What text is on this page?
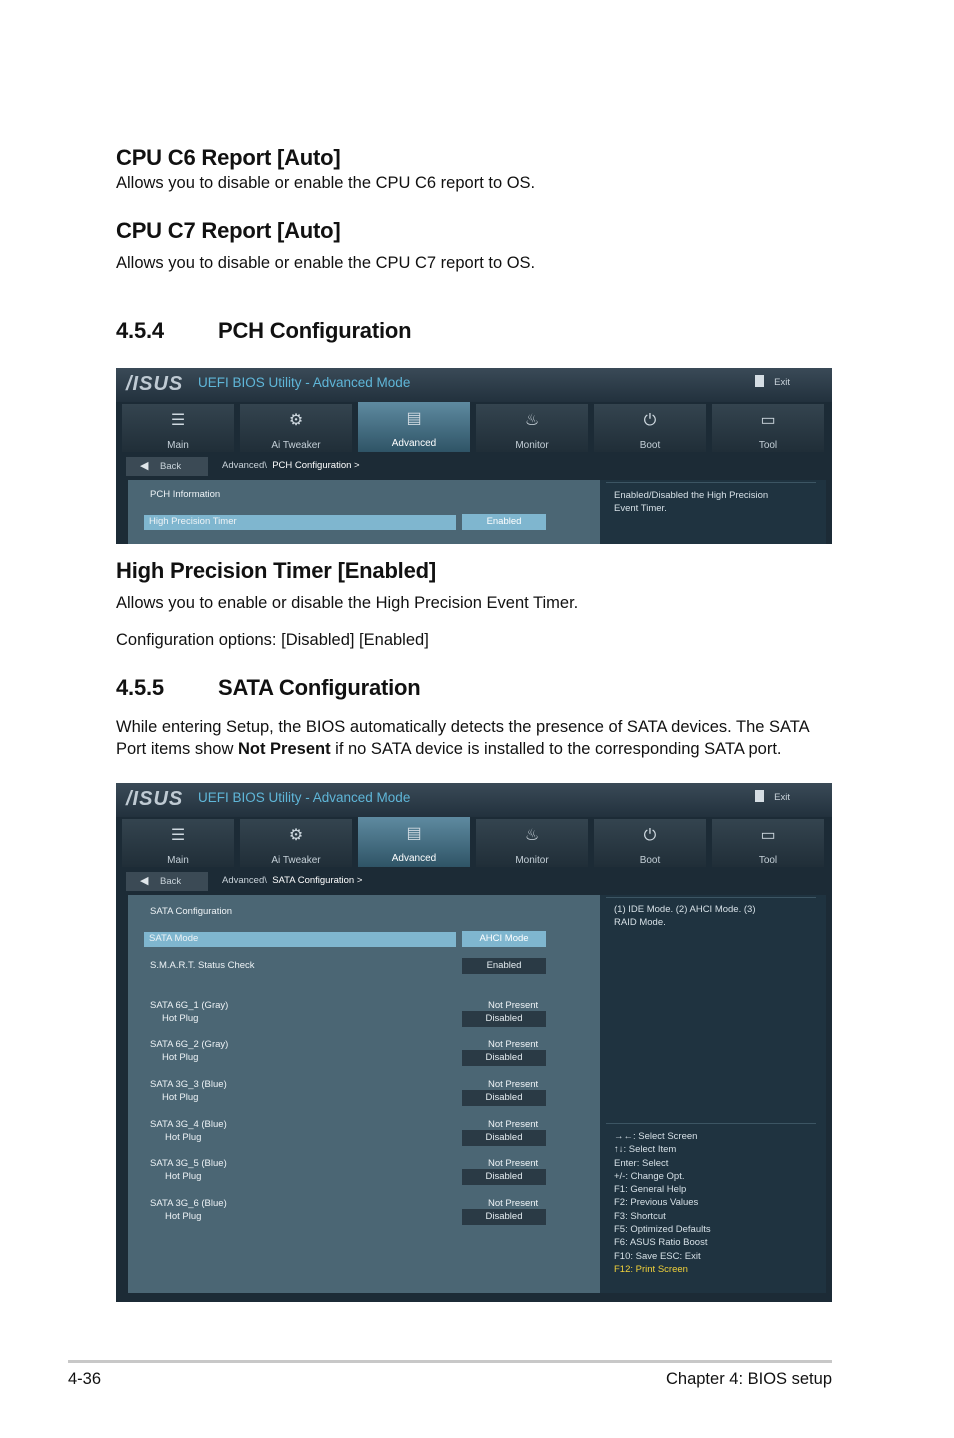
CPU C6 Report [Auto]
Allows you to disable or enable the CPU C6 report to OS.
CPU C7 Report [Auto]
Allows you to disable or enable the CPU C7 report to OS.
4.5.4 PCH Configuration
/ISUS UEFI BIOS Utility - Advanced Mode	Exit
☰
Main
⚙
Ai Tweaker
▤
Advanced
♨
Monitor
⏻
Boot
▭
Tool
◀ Back	Advanced\ PCH Configuration >
PCH Information
High Precision Timer	Enabled
Enabled/Disabled the High Precision
Event Timer.
High Precision Timer [Enabled]
Allows you to enable or disable the High Precision Event Timer.
Configuration options: [Disabled] [Enabled]
4.5.5 SATA Configuration
While entering Setup, the BIOS automatically detects the presence of SATA devices. The SATA
Port items show Not Present if no SATA device is installed to the corresponding SATA port.
/ISUS UEFI BIOS Utility - Advanced Mode	Exit
☰
Main
⚙
Ai Tweaker
▤
Advanced
♨
Monitor
⏻
Boot
▭
Tool
◀ Back	Advanced\ SATA Configuration >
SATA Configuration
SATA Mode	AHCI Mode
S.M.A.R.T. Status Check	Enabled
SATA 6G_1 (Gray)	Not Present
Hot Plug	Disabled
SATA 6G_2 (Gray)	Not Present
Hot Plug	Disabled
SATA 3G_3 (Blue)	Not Present
Hot Plug	Disabled
SATA 3G_4 (Blue)	Not Present
Hot Plug	Disabled
SATA 3G_5 (Blue)	Not Present
Hot Plug	Disabled
SATA 3G_6 (Blue)	Not Present
Hot Plug	Disabled
(1) IDE Mode. (2) AHCI Mode. (3)
RAID Mode.
→←: Select Screen
↑↓: Select Item
Enter: Select
+/-: Change Opt.
F1: General Help
F2: Previous Values
F3: Shortcut
F5: Optimized Defaults
F6: ASUS Ratio Boost
F10: Save ESC: Exit
F12: Print Screen
4-36	Chapter 4: BIOS setup
